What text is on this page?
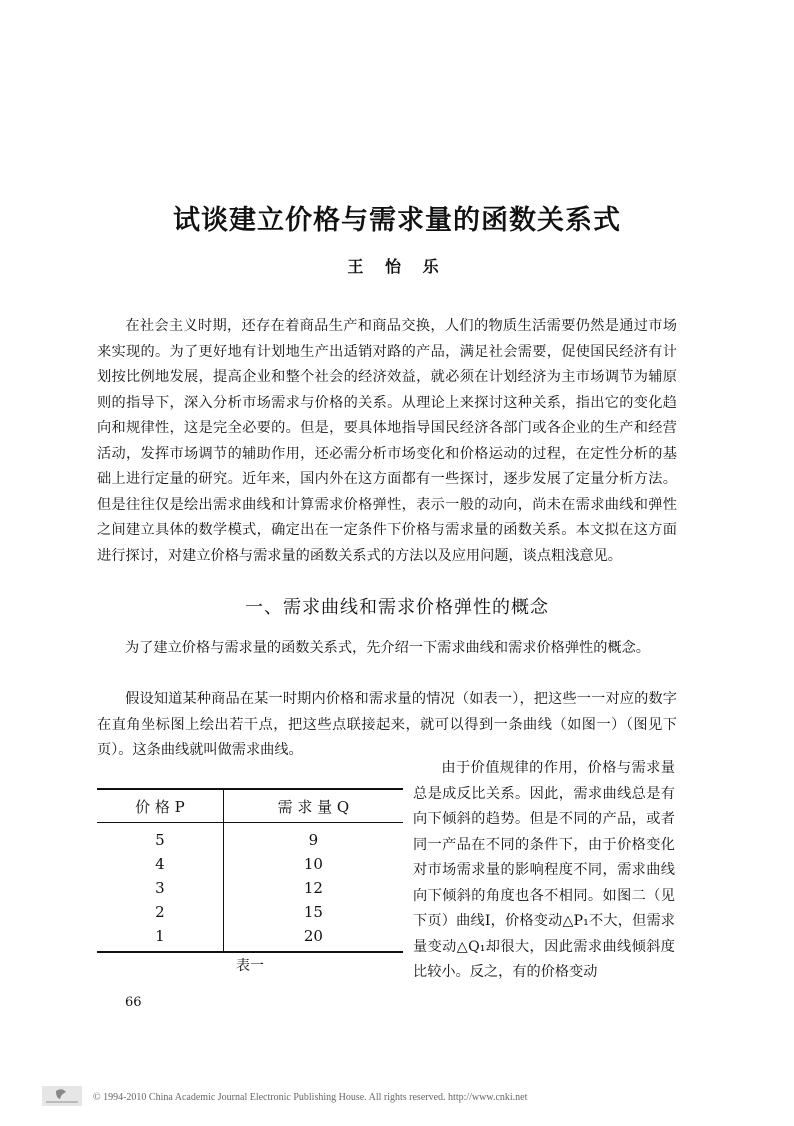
试谈建立价格与需求量的函数关系式
王 怡 乐
在社会主义时期，还存在着商品生产和商品交换，人们的物质生活需要仍然是通过市场来实现的。为了更好地有计划地生产出适销对路的产品，满足社会需要，促使国民经济有计划按比例地发展，提高企业和整个社会的经济效益，就必须在计划经济为主市场调节为辅原则的指导下，深入分析市场需求与价格的关系。从理论上来探讨这种关系，指出它的变化趋向和规律性，这是完全必要的。但是，要具体地指导国民经济各部门或各企业的生产和经营活动，发挥市场调节的辅助作用，还必需分析市场变化和价格运动的过程，在定性分析的基础上进行定量的研究。近年来，国内外在这方面都有一些探讨，逐步发展了定量分析方法。但是往往仅是绘出需求曲线和计算需求价格弹性，表示一般的动向，尚未在需求曲线和弹性之间建立具体的数学模式，确定出在一定条件下价格与需求量的函数关系。本文拟在这方面进行探讨，对建立价格与需求量的函数关系式的方法以及应用问题，谈点粗浅意见。
一、需求曲线和需求价格弹性的概念
为了建立价格与需求量的函数关系式，先介绍一下需求曲线和需求价格弹性的概念。
假设知道某种商品在某一时期内价格和需求量的情况（如表一），把这些一一对应的数字在直角坐标图上绘出若干点，把这些点联接起来，就可以得到一条曲线（如图一）（图见下页）。这条曲线就叫做需求曲线。
价 格 P	需 求 量 Q
5	9
4	10
3	12
2	15
1	20
表一
由于价值规律的作用，价格与需求量总是成反比关系。因此，需求曲线总是有向下倾斜的趋势。但是不同的产品，或者同一产品在不同的条件下，由于价格变化对市场需求量的影响程度不同，需求曲线向下倾斜的角度也各不相同。如图二（见下页）曲线Ⅰ，价格变动△P₁不大，但需求量变动△Q₁却很大，因此需求曲线倾斜度比较小。反之，有的价格变动
66
© 1994-2010 China Academic Journal Electronic Publishing House. All rights reserved. http://www.cnki.net
